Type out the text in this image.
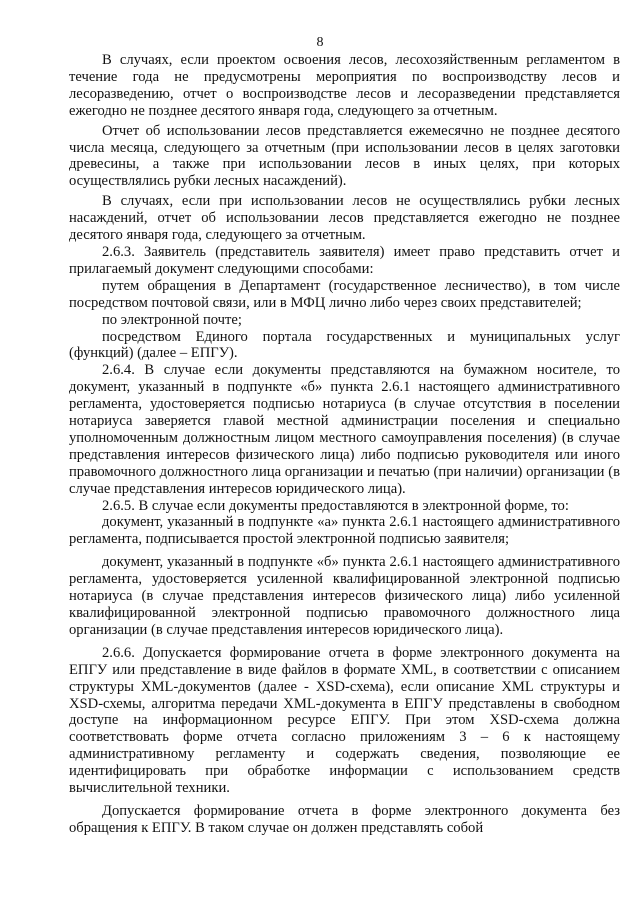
8

В случаях, если проектом освоения лесов, лесохозяйственным регламентом в течение года не предусмотрены мероприятия по воспроизводству лесов и лесоразведению, отчет о воспроизводстве лесов и лесоразведении представляется ежегодно не позднее десятого января года, следующего за отчетным.

Отчет об использовании лесов представляется ежемесячно не позднее десятого числа месяца, следующего за отчетным (при использовании лесов в целях заготовки древесины, а также при использовании лесов в иных целях, при которых осуществлялись рубки лесных насаждений).

В случаях, если при использовании лесов не осуществлялись рубки лесных насаждений, отчет об использовании лесов представляется ежегодно не позднее десятого января года, следующего за отчетным.

2.6.3. Заявитель (представитель заявителя) имеет право представить отчет и прилагаемый документ следующими способами:

путем обращения в Департамент (государственное лесничество), в том числе посредством почтовой связи, или в МФЦ лично либо через своих представителей;

по электронной почте;

посредством Единого портала государственных и муниципальных услуг (функций) (далее – ЕПГУ).

2.6.4. В случае если документы представляются на бумажном носителе, то документ, указанный в подпункте «б» пункта 2.6.1 настоящего административного регламента, удостоверяется подписью нотариуса (в случае отсутствия в поселении нотариуса заверяется главой местной администрации поселения и специально уполномоченным должностным лицом местного самоуправления поселения) (в случае представления интересов физического лица) либо подписью руководителя или иного правомочного должностного лица организации и печатью (при наличии) организации (в случае представления интересов юридического лица).

2.6.5. В случае если документы предоставляются в электронной форме, то:

документ, указанный в подпункте «а» пункта 2.6.1 настоящего административного регламента, подписывается простой электронной подписью заявителя;

документ, указанный в подпункте «б» пункта 2.6.1 настоящего административного регламента, удостоверяется усиленной квалифицированной электронной подписью нотариуса (в случае представления интересов физического лица) либо усиленной квалифицированной электронной подписью правомочного должностного лица организации (в случае представления интересов юридического лица).

2.6.6. Допускается формирование отчета в форме электронного документа на ЕПГУ или представление в виде файлов в формате XML, в соответствии с описанием структуры XML-документов (далее - XSD-схема), если описание XML структуры и XSD-схемы, алгоритма передачи XML-документа в ЕПГУ представлены в свободном доступе на информационном ресурсе ЕПГУ. При этом XSD-схема должна соответствовать форме отчета согласно приложениям 3 – 6 к настоящему административному регламенту и содержать сведения, позволяющие ее идентифицировать при обработке информации с использованием средств вычислительной техники.

Допускается формирование отчета в форме электронного документа без обращения к ЕПГУ. В таком случае он должен представлять собой
